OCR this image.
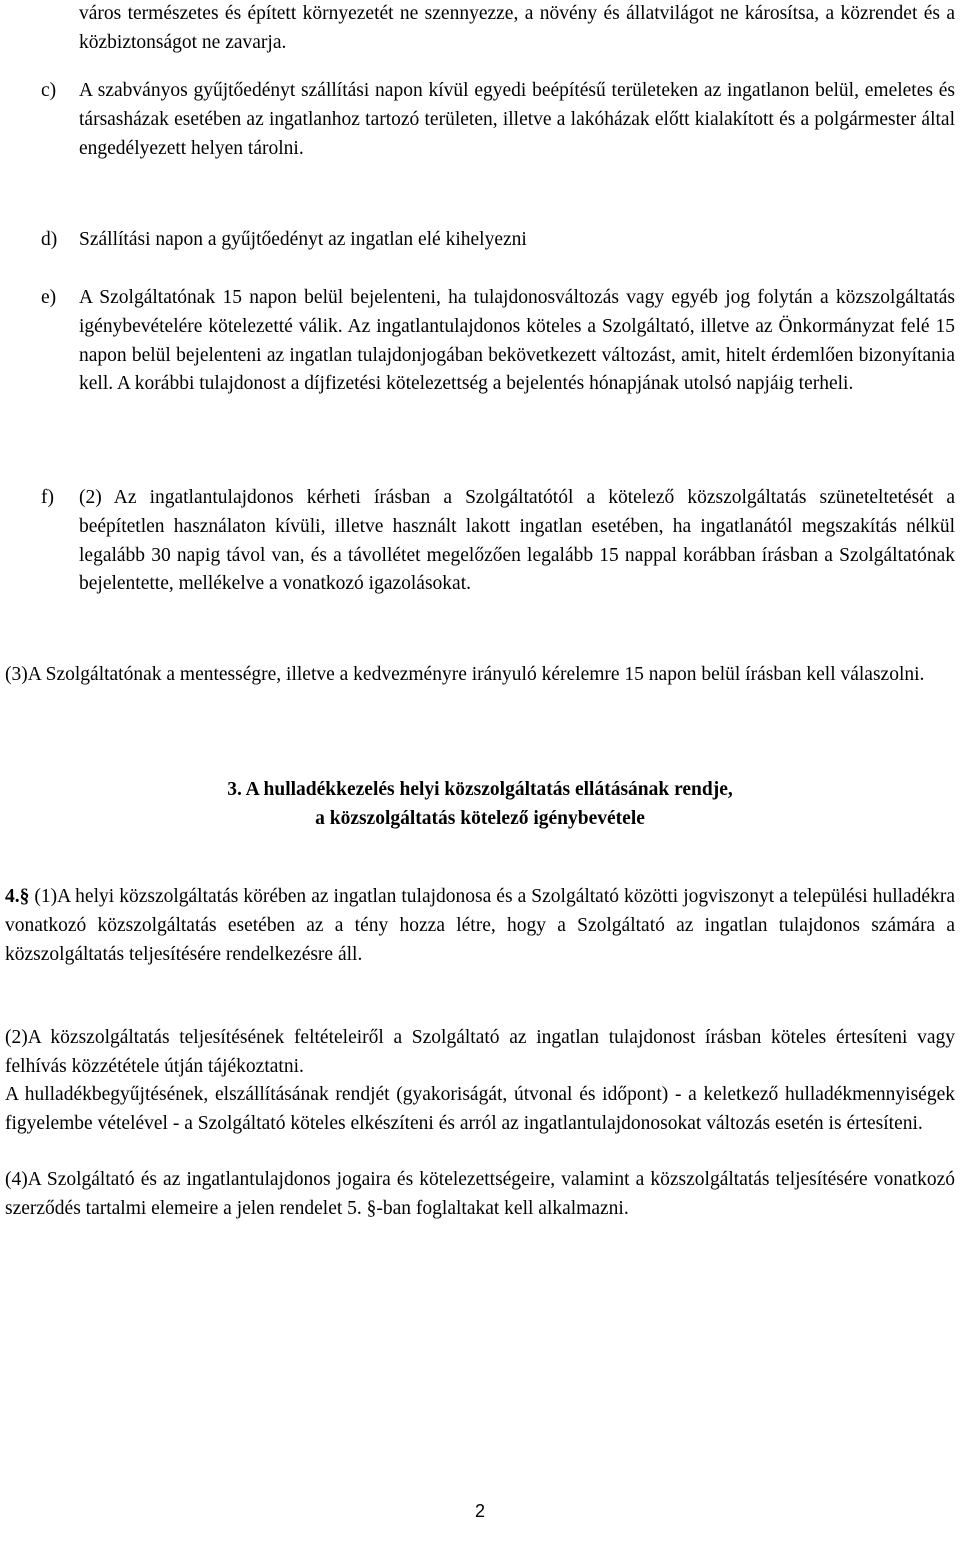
város természetes és épített környezetét ne szennyezze, a növény és állatvilágot ne károsítsa, a közrendet és a közbiztonságot ne zavarja.

c) A szabványos gyűjtőedényt szállítási napon kívül egyedi beépítésű területeken az ingatlanon belül, emeletes és társasházak esetében az ingatlanhoz tartozó területen, illetve a lakóházak előtt kialakított és a polgármester által engedélyezett helyen tárolni.
d) Szállítási napon a gyűjtőedényt az ingatlan elé kihelyezni
e) A Szolgáltatónak 15 napon belül bejelenteni, ha tulajdonosváltozás vagy egyéb jog folytán a közszolgáltatás igénybevételére kötelezetté válik. Az ingatlantulajdonos köteles a Szolgáltató, illetve az Önkormányzat felé 15 napon belül bejelenteni az ingatlan tulajdonjogában bekövetkezett változást, amit, hitelt érdemlően bizonyítania kell. A korábbi tulajdonost a díjfizetési kötelezettség a bejelentés hónapjának utolsó napjáig terheli.
f) (2) Az ingatlantulajdonos kérheti írásban a Szolgáltatótól a kötelező közszolgáltatás szüneteltetését a beépítetlen használaton kívüli, illetve használt lakott ingatlan esetében, ha ingatlanától megszakítás nélkül legalább 30 napig távol van, és a távollétet megelőzően legalább 15 nappal korábban írásban a Szolgáltatónak bejelentette, mellékelve a vonatkozó igazolásokat.

(3)A Szolgáltatónak a mentességre, illetve a kedvezményre irányuló kérelemre 15 napon belül írásban kell válaszolni.

3. A hulladékkezelés helyi közszolgáltatás ellátásának rendje,
a közszolgáltatás kötelező igénybevétele

4.§ (1)A helyi közszolgáltatás körében az ingatlan tulajdonosa és a Szolgáltató közötti jogviszonyt a települési hulladékra vonatkozó közszolgáltatás esetében az a tény hozza létre, hogy a Szolgáltató az ingatlan tulajdonos számára a közszolgáltatás teljesítésére rendelkezésre áll.

(2)A közszolgáltatás teljesítésének feltételeiről a Szolgáltató az ingatlan tulajdonost írásban köteles értesíteni vagy felhívás közzététele útján tájékoztatni.

A hulladékbegyűjtésének, elszállításának rendjét (gyakoriságát, útvonal és időpont) - a keletkező hulladékmennyiségek figyelembe vételével - a Szolgáltató köteles elkészíteni és arról az ingatlantulajdonosokat változás esetén is értesíteni.

(4)A Szolgáltató és az ingatlantulajdonos jogaira és kötelezettségeire, valamint a közszolgáltatás teljesítésére vonatkozó szerződés tartalmi elemeire a jelen rendelet 5. §-ban foglaltakat kell alkalmazni.

2
